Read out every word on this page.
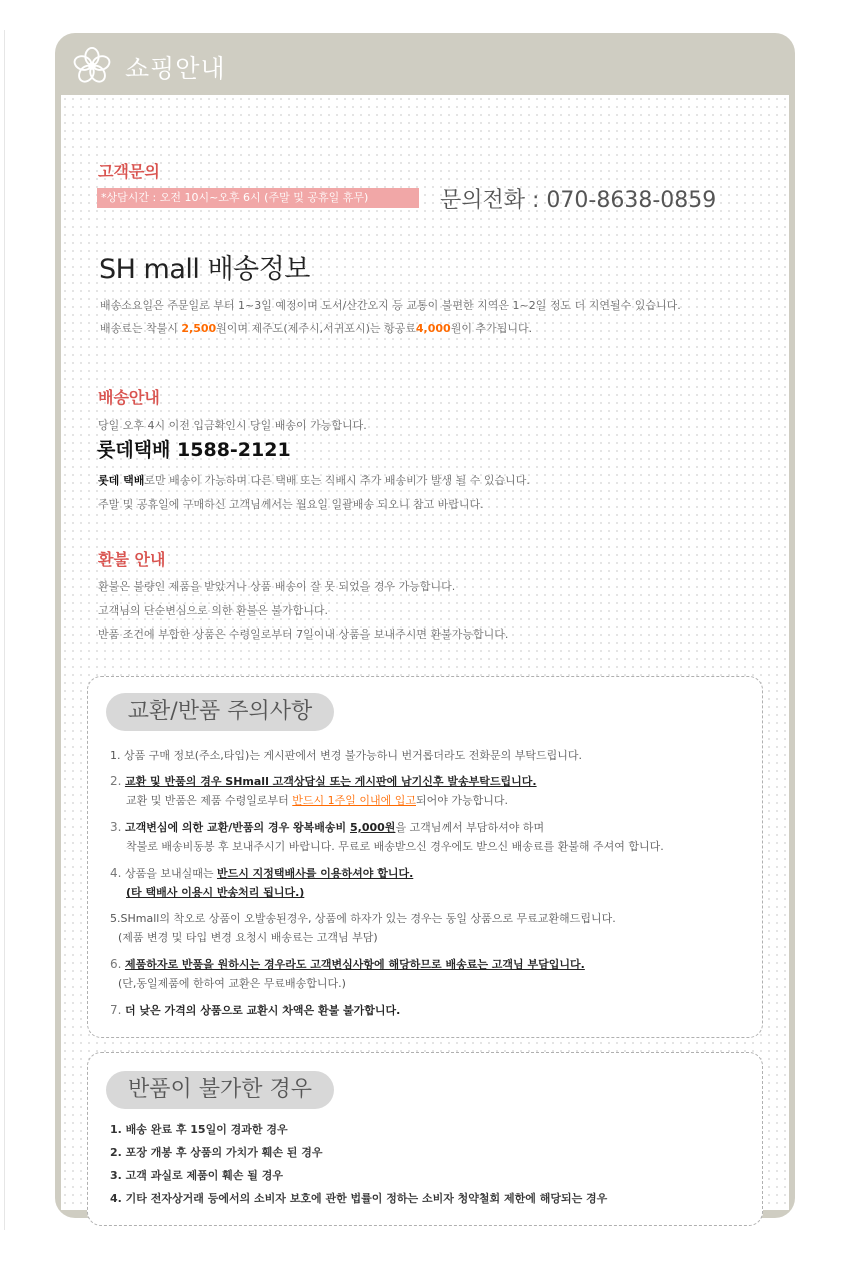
쇼핑안내
고객문의
*상담시간 : 오전 10시~오후 6시 (주말 및 공휴일 휴무)	문의전화 : 070-8638-0859
SH mall 배송정보
배송소요일은 주문일로 부터 1~3일 예정이며 도서/산간오지 등 교통이 불편한 지역은 1~2일 정도 더 지연될수 있습니다.
배송료는 착불시 2,500원이며 제주도(제주시,서귀포시)는 항공료4,000원이 추가됩니다.
배송안내
당일 오후 4시 이전 입금확인시 당일 배송이 가능합니다.
롯데택배 1588-2121
롯데 택배로만 배송이 가능하며 다른 택배 또는 직배시 추가 배송비가 발생 될 수 있습니다.
주말 및 공휴일에 구매하신 고객님께서는 월요일 일괄배송 되오니 참고 바랍니다.
환불 안내
환불은 불량인 제품을 받았거나 상품 배송이 잘 못 되었을 경우 가능합니다.
고객님의 단순변심으로 의한 환불은 불가합니다.
반품 조건에 부합한 상품은 수령일로부터 7일이내 상품을 보내주시면 환불가능합니다.
교환/반품 주의사항
1. 상품 구매 정보(주소,타입)는 게시판에서 변경 불가능하니 번거롭더라도 전화문의 부탁드립니다.
2. 교환 및 반품의 경우 SHmall 고객상담실 또는 게시판에 남기신후 발송부탁드립니다.
교환 및 반품은 제품 수령일로부터 반드시 1주일 이내에 입고되어야 가능합니다.
3. 고객변심에 의한 교환/반품의 경우 왕복배송비 5,000원을 고객님께서 부담하셔야 하며
착불로 배송비동봉 후 보내주시기 바랍니다. 무료로 배송받으신 경우에도 받으신 배송료를 환불해 주셔여 합니다.
4. 상품을 보내실때는 반드시 지정택배사를 이용하셔야 합니다.
(타 택배사 이용시 반송처리 됩니다.)
5.SHmall의 착오로 상품이 오발송된경우, 상품에 하자가 있는 경우는 동일 상품으로 무료교환해드립니다.
(제품 변경 및 타입 변경 요청시 배송료는 고객님 부담)
6. 제품하자로 반품을 원하시는 경우라도 고객변심사항에 해당하므로 배송료는 고객님 부담입니다.
(단,동일제품에 한하여 교환은 무료배송합니다.)
7. 더 낮은 가격의 상품으로 교환시 차액은 환불 불가합니다.
반품이 불가한 경우
1. 배송 완료 후 15일이 경과한 경우
2. 포장 개봉 후 상품의 가치가 훼손 된 경우
3. 고객 과실로 제품이 훼손 될 경우
4. 기타 전자상거래 등에서의 소비자 보호에 관한 법률이 정하는 소비자 청약철회 제한에 해당되는 경우
